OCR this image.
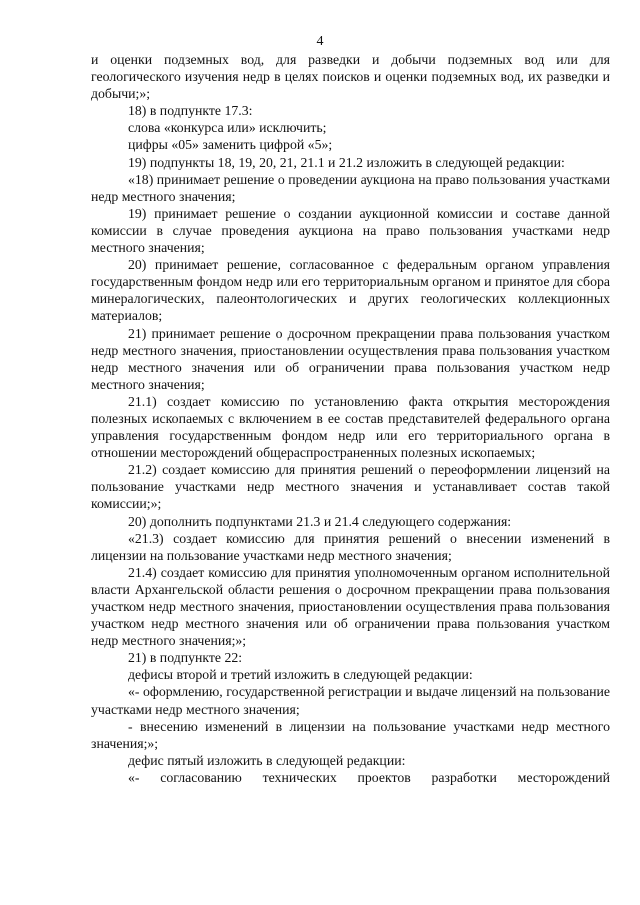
4

и оценки подземных вод, для разведки и добычи подземных вод или для геологического изучения недр в целях поисков и оценки подземных вод, их разведки и добычи;»;

18) в подпункте 17.3:

слова «конкурса или» исключить;

цифры «05» заменить цифрой «5»;

19) подпункты 18, 19, 20, 21, 21.1 и 21.2 изложить в следующей редакции:

«18) принимает решение о проведении аукциона на право пользования участками недр местного значения;

19) принимает решение о создании аукционной комиссии и составе данной комиссии в случае проведения аукциона на право пользования участками недр местного значения;

20) принимает решение, согласованное с федеральным органом управления государственным фондом недр или его территориальным органом и принятое для сбора минералогических, палеонтологических и других геологических коллекционных материалов;

21) принимает решение о досрочном прекращении права пользования участком недр местного значения, приостановлении осуществления права пользования участком недр местного значения или об ограничении права пользования участком недр местного значения;

21.1) создает комиссию по установлению факта открытия месторождения полезных ископаемых с включением в ее состав представителей федерального органа управления государственным фондом недр или его территориального органа в отношении месторождений общераспространенных полезных ископаемых;

21.2) создает комиссию для принятия решений о переоформлении лицензий на пользование участками недр местного значения и устанавливает состав такой комиссии;»;

20) дополнить подпунктами 21.3 и 21.4 следующего содержания:

«21.3) создает комиссию для принятия решений о внесении изменений в лицензии на пользование участками недр местного значения;

21.4) создает комиссию для принятия уполномоченным органом исполнительной власти Архангельской области решения о досрочном прекращении права пользования участком недр местного значения, приостановлении осуществления права пользования участком недр местного значения или об ограничении права пользования участком недр местного значения;»;

21) в подпункте 22:

дефисы второй и третий изложить в следующей редакции:

«- оформлению, государственной регистрации и выдаче лицензий на пользование участками недр местного значения;

- внесению изменений в лицензии на пользование участками недр местного значения;»;

дефис пятый изложить в следующей редакции:

«- согласованию технических проектов разработки месторождений
